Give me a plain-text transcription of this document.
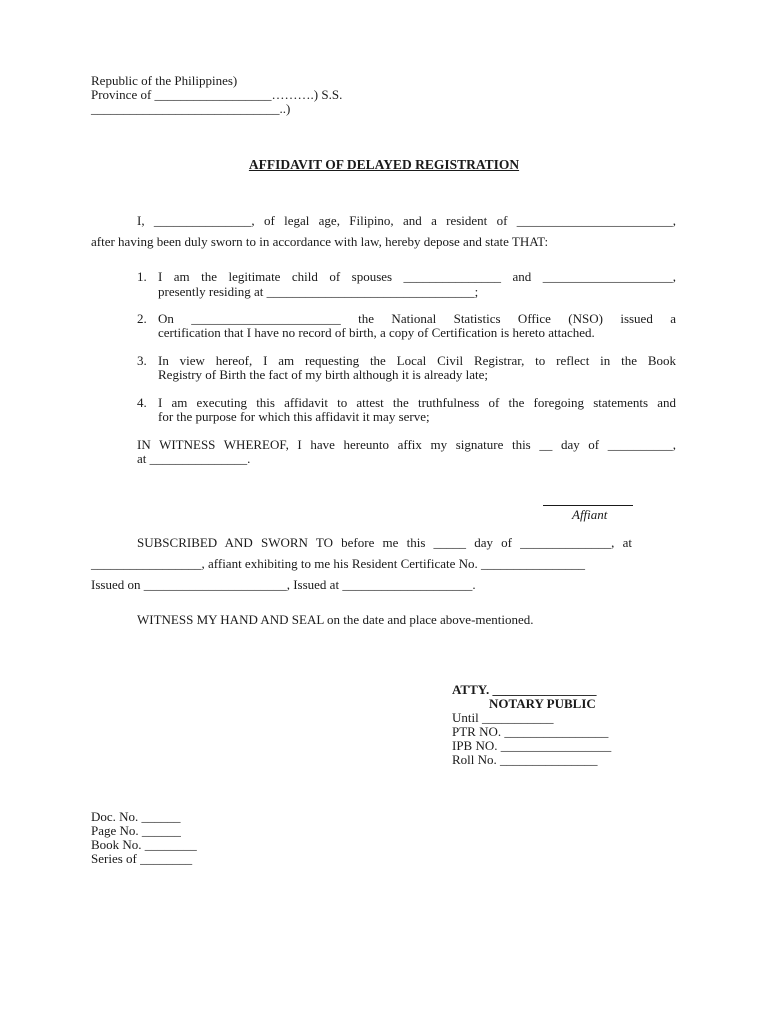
Republic of the Philippines)
Province of __________________……….) S.S.
_____________________________..)
AFFIDAVIT OF DELAYED REGISTRATION
I, _______________, of legal age, Filipino, and a resident of ________________________,
after having been duly sworn to in accordance with law, hereby depose and state THAT:
1. I am the legitimate child of spouses _______________ and ____________________,
presently residing at ________________________________;
2. On _______________________ the National Statistics Office (NSO) issued a
certification that I have no record of birth, a copy of Certification is hereto attached.
3. In view hereof, I am requesting the Local Civil Registrar, to reflect in the Book
Registry of Birth the fact of my birth although it is already late;
4. I am executing this affidavit to attest the truthfulness of the foregoing statements and
for the purpose for which this affidavit it may serve;
IN WITNESS WHEREOF, I have hereunto affix my signature this __ day of __________,
at _______________.
Affiant
SUBSCRIBED AND SWORN TO before me this _____ day of ______________, at
_________________, affiant exhibiting to me his Resident Certificate No. ________________
Issued on ______________________, Issued at ____________________.
WITNESS MY HAND AND SEAL on the date and place above-mentioned.
ATTY. ________________
NOTARY PUBLIC
Until ___________
PTR NO. ________________
IPB NO. _________________
Roll No. _______________
Doc. No. ______
Page No. ______
Book No. ________
Series of ________
